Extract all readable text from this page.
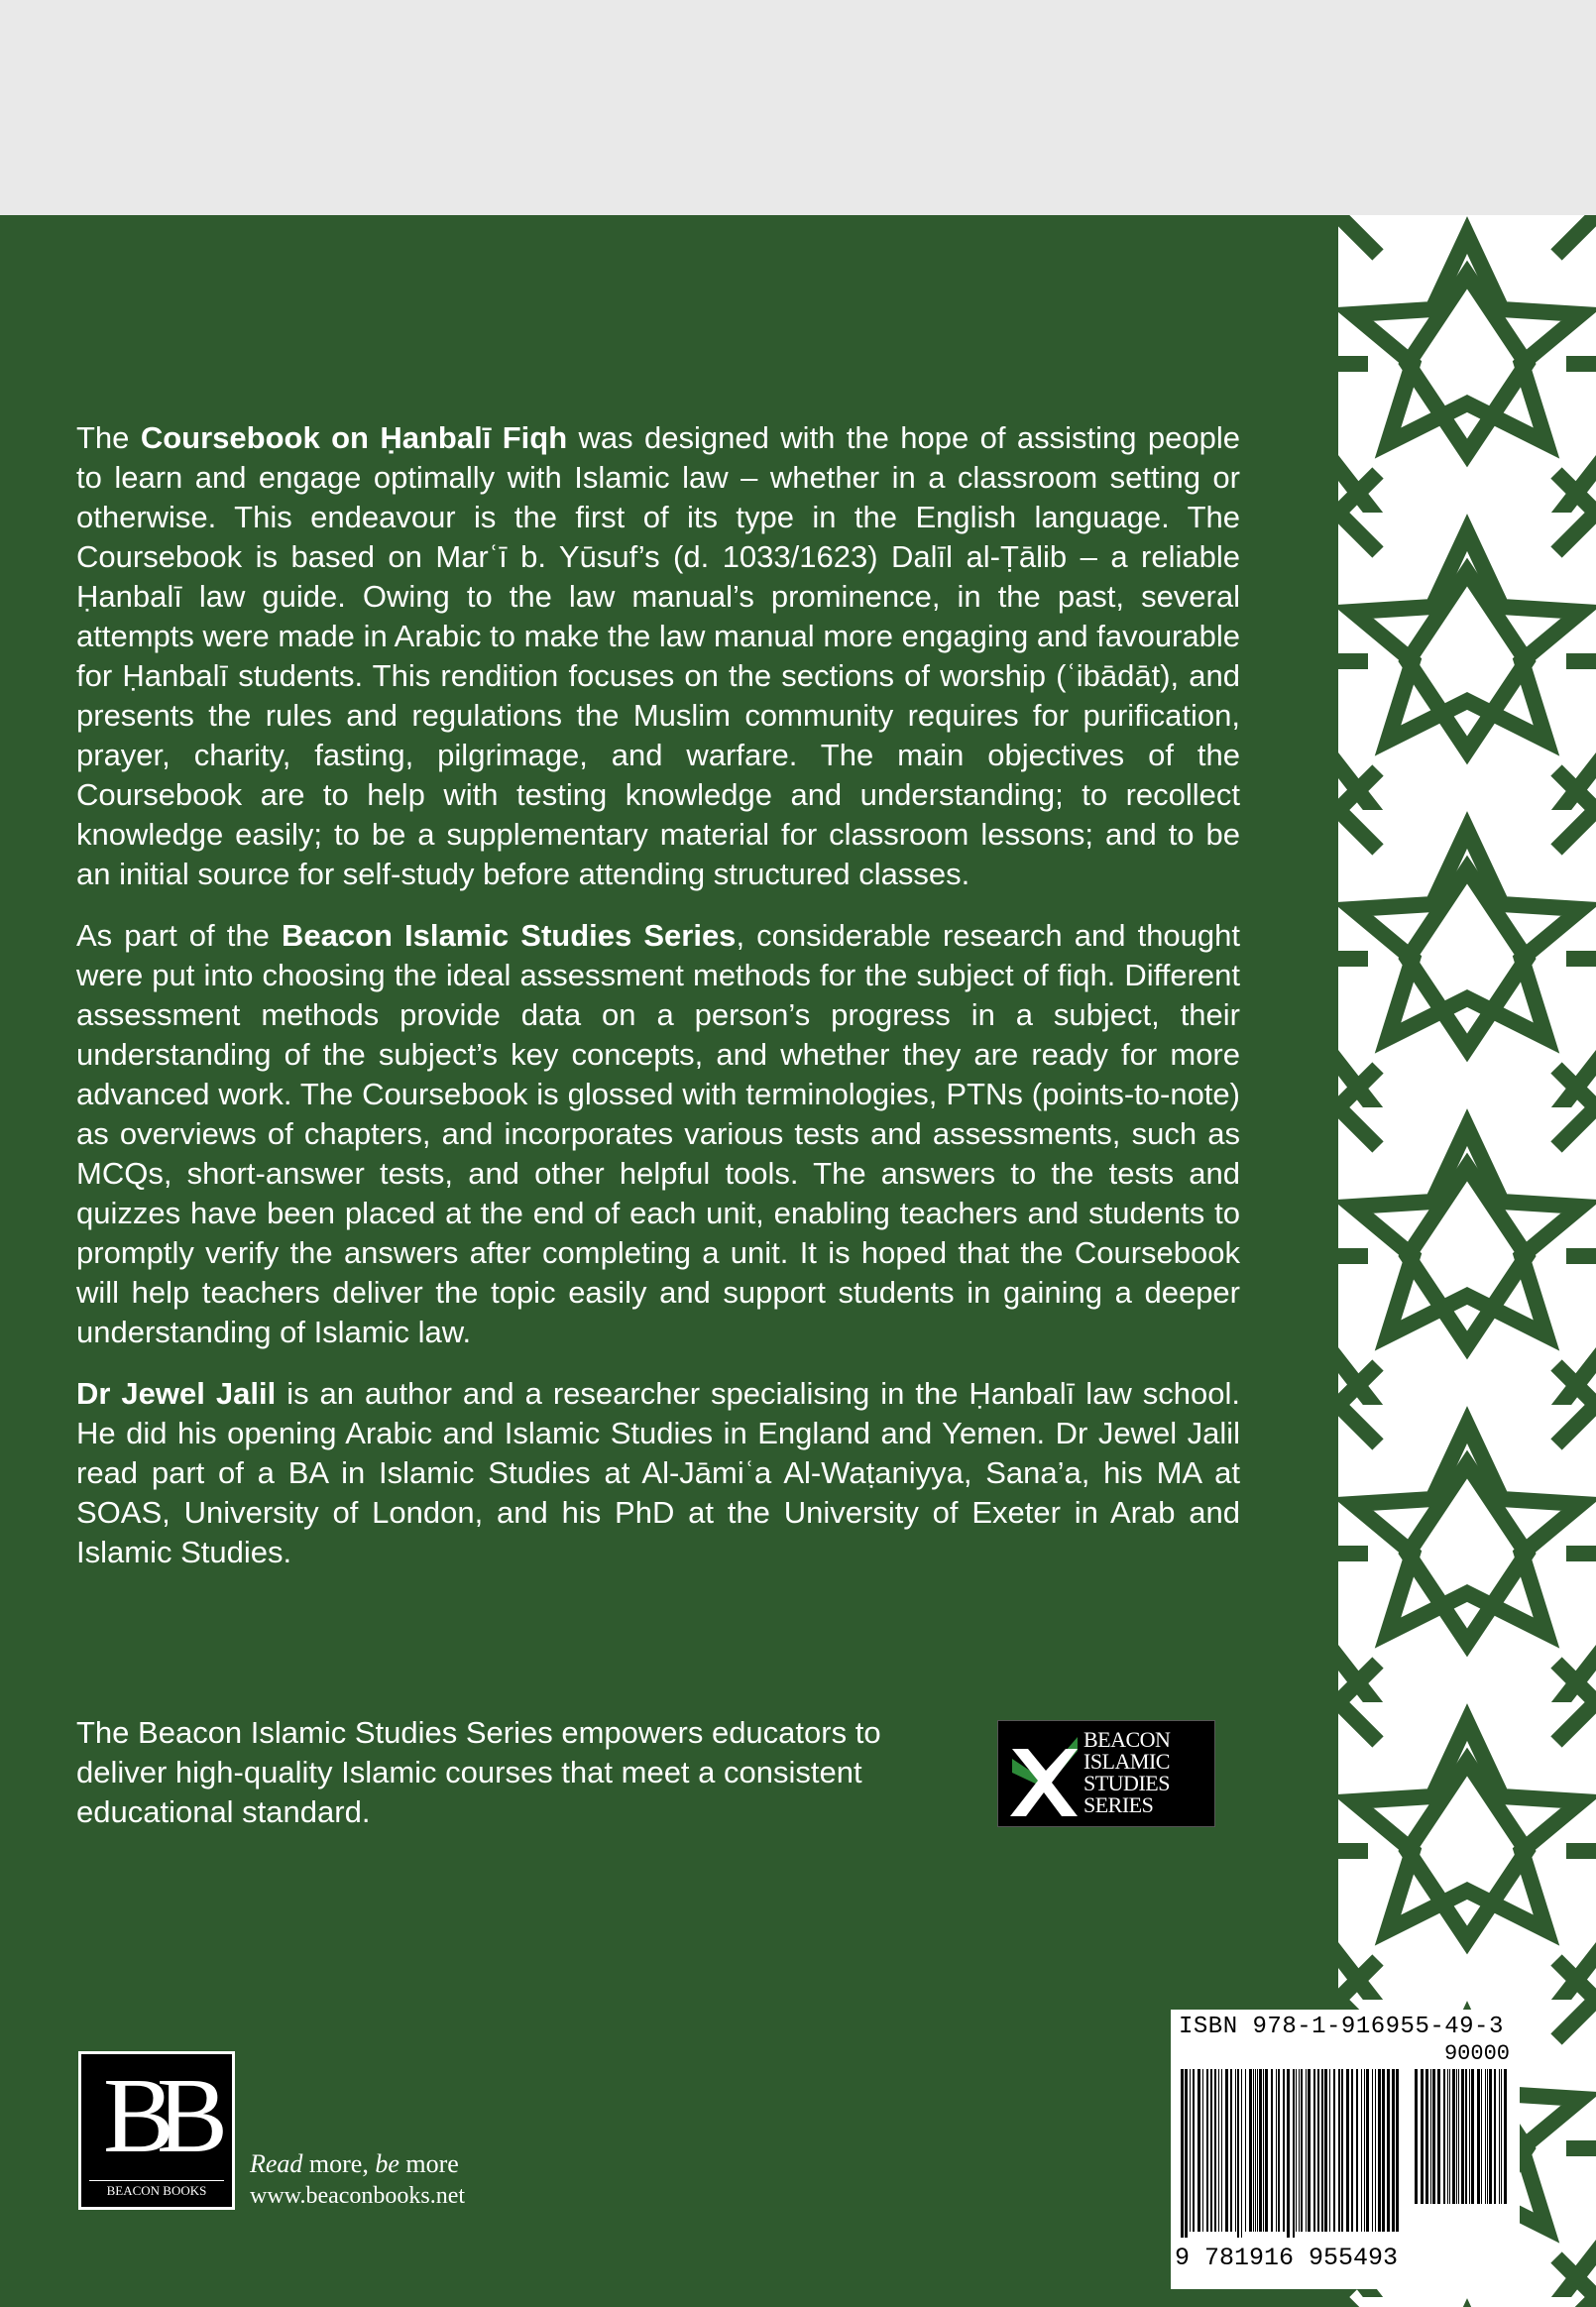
The Coursebook on Ḥanbalī Fiqh was designed with the hope of assisting people to learn and engage optimally with Islamic law – whether in a classroom setting or otherwise. This endeavour is the first of its type in the English language. The Coursebook is based on Marʿī b. Yūsuf’s (d. 1033/1623) Dalīl al-Ṭālib – a reliable Ḥanbalī law guide. Owing to the law manual’s prominence, in the past, several attempts were made in Arabic to make the law manual more engaging and favourable for Ḥanbalī students. This rendition focuses on the sections of worship (ʿibādāt), and presents the rules and regulations the Muslim community requires for purification, prayer, charity, fasting, pilgrimage, and warfare. The main objectives of the Coursebook are to help with testing knowledge and understanding; to recollect knowledge easily; to be a supplementary material for classroom lessons; and to be an initial source for self-study before attending structured classes.

As part of the Beacon Islamic Studies Series, considerable research and thought were put into choosing the ideal assessment methods for the subject of fiqh. Different assessment methods provide data on a person’s progress in a subject, their understanding of the subject’s key concepts, and whether they are ready for more advanced work. The Coursebook is glossed with terminologies, PTNs (points-to-note) as overviews of chapters, and incorporates various tests and assessments, such as MCQs, short-answer tests, and other helpful tools. The answers to the tests and quizzes have been placed at the end of each unit, enabling teachers and students to promptly verify the answers after completing a unit. It is hoped that the Coursebook will help teachers deliver the topic easily and support students in gaining a deeper understanding of Islamic law.

Dr Jewel Jalil is an author and a researcher specialising in the Ḥanbalī law school. He did his opening Arabic and Islamic Studies in England and Yemen. Dr Jewel Jalil read part of a BA in Islamic Studies at Al-Jāmiʿa Al-Waṭaniyya, Sana’a, his MA at SOAS, University of London, and his PhD at the University of Exeter in Arab and Islamic Studies.

The Beacon Islamic Studies Series empowers educators to deliver high-quality Islamic courses that meet a consistent educational standard.

BEACON
ISLAMIC
STUDIES
SERIES
BB
BEACON BOOKS
Read more, be more
www.beaconbooks.net
ISBN 978-1-916955-49-3
90000
9 781916 955493
